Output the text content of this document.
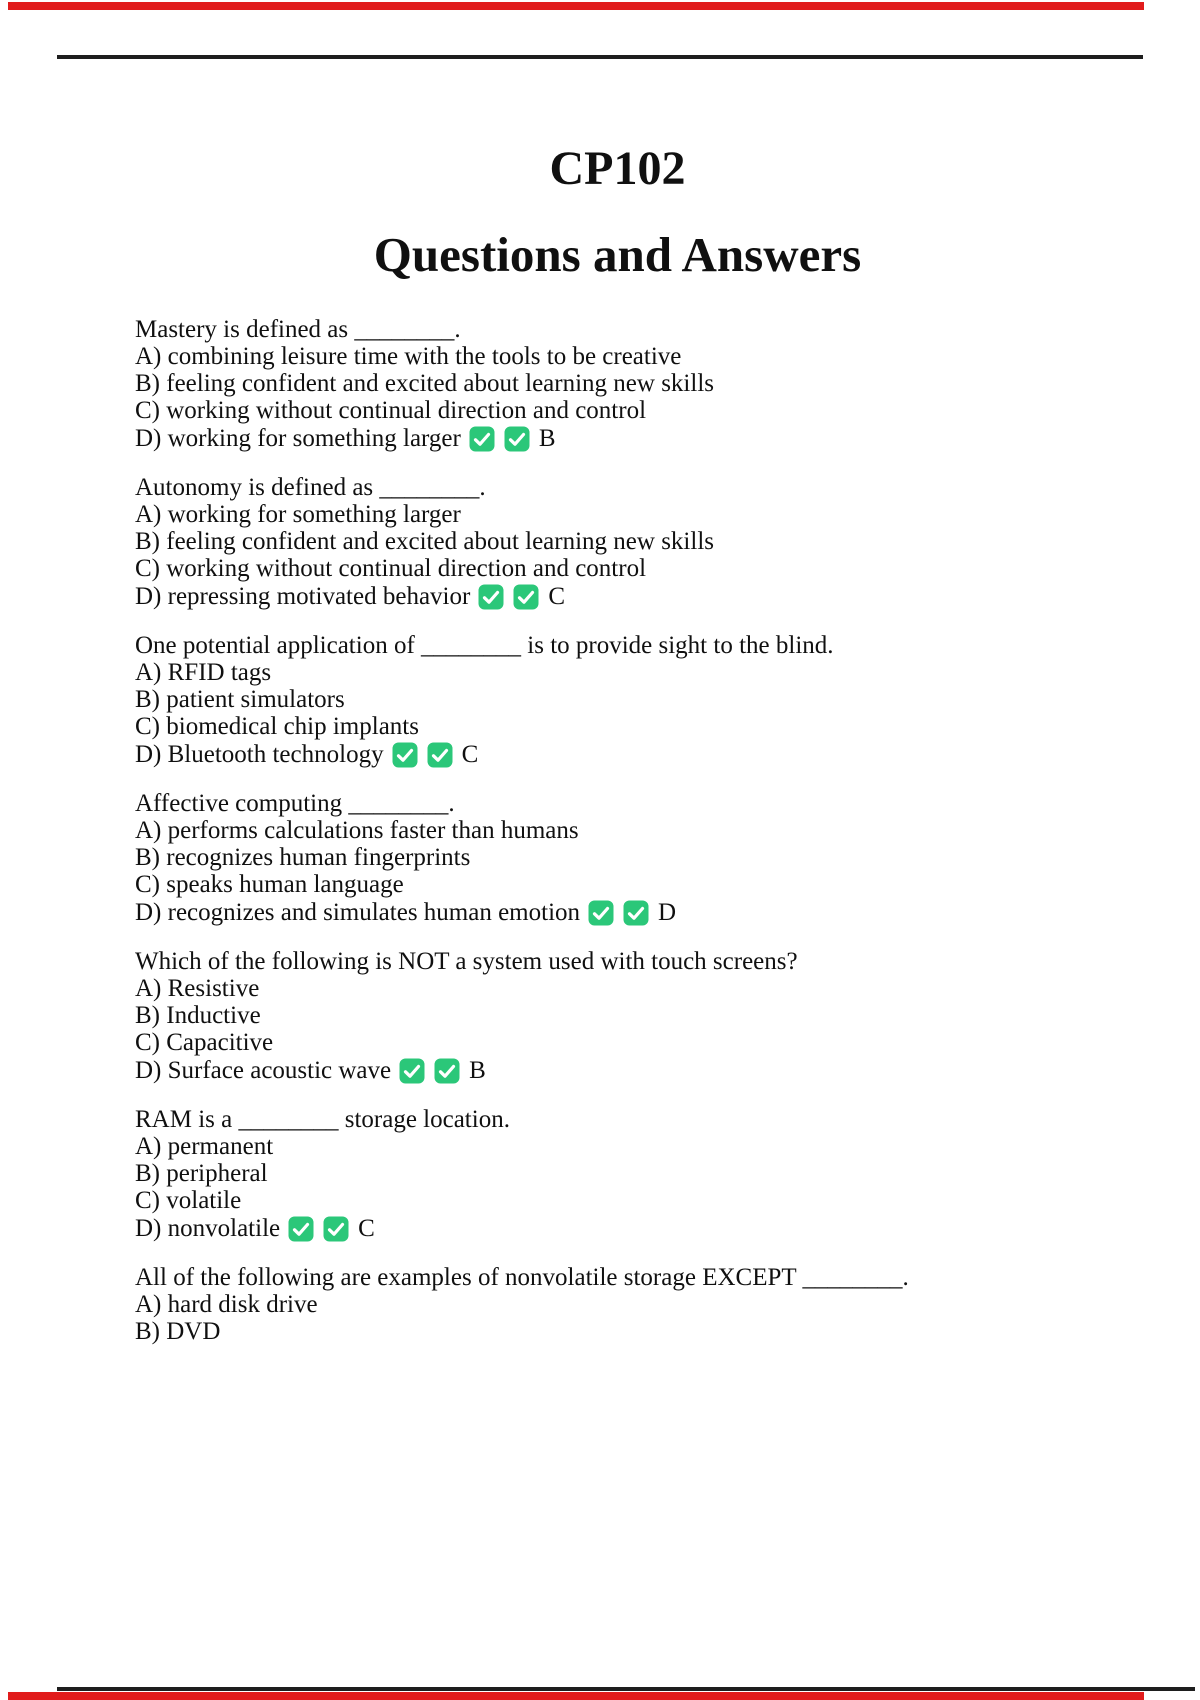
CP102
Questions and Answers
Mastery is defined as ________.
A) combining leisure time with the tools to be creative
B) feeling confident and excited about learning new skills
C) working without continual direction and control
D) working for something larger	B
Autonomy is defined as ________.
A) working for something larger
B) feeling confident and excited about learning new skills
C) working without continual direction and control
D) repressing motivated behavior	C
One potential application of ________ is to provide sight to the blind.
A) RFID tags
B) patient simulators
C) biomedical chip implants
D) Bluetooth technology	C
Affective computing ________.
A) performs calculations faster than humans
B) recognizes human fingerprints
C) speaks human language
D) recognizes and simulates human emotion	D
Which of the following is NOT a system used with touch screens?
A) Resistive
B) Inductive
C) Capacitive
D) Surface acoustic wave	B
RAM is a ________ storage location.
A) permanent
B) peripheral
C) volatile
D) nonvolatile	C
All of the following are examples of nonvolatile storage EXCEPT ________.
A) hard disk drive
B) DVD
